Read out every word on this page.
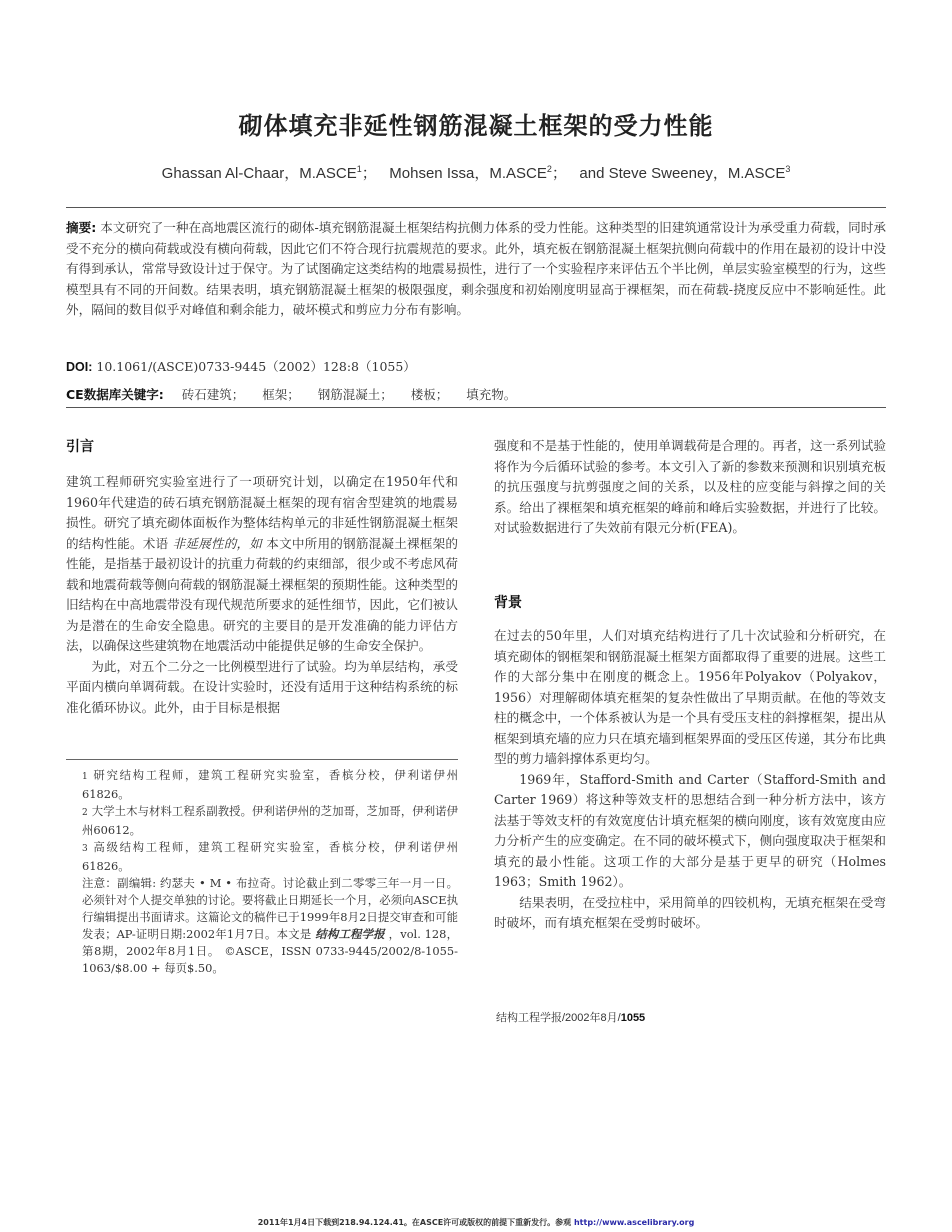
砌体填充非延性钢筋混凝土框架的受力性能
Ghassan Al-Chaar，M.ASCE$^1$； Mohsen Issa，M.ASCE$^2$； and Steve Sweeney，M.ASCE$^3$
摘要: 本文研究了一种在高地震区流行的砌体-填充钢筋混凝土框架结构抗侧力体系的受力性能。这种类型的旧建筑通常设计为承受重力荷载，同时承受不充分的横向荷载或没有横向荷载，因此它们不符合现行抗震规范的要求。此外，填充板在钢筋混凝土框架抗侧向荷载中的作用在最初的设计中没有得到承认，常常导致设计过于保守。为了试图确定这类结构的地震易损性，进行了一个实验程序来评估五个半比例，单层实验室模型的行为，这些模型具有不同的开间数。结果表明，填充钢筋混凝土框架的极限强度，剩余强度和初始刚度明显高于裸框架，而在荷载-挠度反应中不影响延性。此外，隔间的数目似乎对峰值和剩余能力，破坏模式和剪应力分布有影响。
DOI: 10.1061/(ASCE)0733-9445（2002）128:8（1055）
CE数据库关键字: 砖石建筑； 框架； 钢筋混凝土； 楼板； 填充物。
引言

建筑工程师研究实验室进行了一项研究计划，以确定在1950年代和1960年代建造的砖石填充钢筋混凝土框架的现有宿舍型建筑的地震易损性。研究了填充砌体面板作为整体结构单元的非延性钢筋混凝土框架的结构性能。术语 非延展性的，如 本文中所用的钢筋混凝土裸框架的性能，是指基于最初设计的抗重力荷载的约束细部，很少或不考虑风荷载和地震荷载等侧向荷载的钢筋混凝土裸框架的预期性能。这种类型的旧结构在中高地震带没有现代规范所要求的延性细节，因此，它们被认为是潜在的生命安全隐患。研究的主要目的是开发准确的能力评估方法，以确保这些建筑物在地震活动中能提供足够的生命安全保护。

为此，对五个二分之一比例模型进行了试验。均为单层结构，承受平面内横向单调荷载。在设计实验时，还没有适用于这种结构系统的标准化循环协议。此外，由于目标是根据

1 研究结构工程师，建筑工程研究实验室，香槟分校，伊利诺伊州61826。

2 大学土木与材料工程系副教授。伊利诺伊州的芝加哥，芝加哥，伊利诺伊州60612。

3 高级结构工程师，建筑工程研究实验室，香槟分校，伊利诺伊州61826。

注意：副编辑: 约瑟夫 • M • 布拉奇。讨论截止到二零零三年一月一日。必须针对个人提交单独的讨论。要将截止日期延长一个月，必须向ASCE执行编辑提出书面请求。这篇论文的稿件已于1999年8月2日提交审查和可能发表；AP-证明日期:2002年1月7日。本文是 结构工程学报 ，vol. 128，第8期，2002年8月1日。 ©ASCE，ISSN 0733-9445/2002/8-1055-1063/$8.00 + 每页$.50。

强度和不是基于性能的，使用单调载荷是合理的。再者，这一系列试验将作为今后循环试验的参考。本文引入了新的参数来预测和识别填充板的抗压强度与抗剪强度之间的关系，以及柱的应变能与斜撑之间的关系。给出了裸框架和填充框架的峰前和峰后实验数据，并进行了比较。对试验数据进行了失效前有限元分析(FEA)。

背景

在过去的50年里，人们对填充结构进行了几十次试验和分析研究，在填充砌体的钢框架和钢筋混凝土框架方面都取得了重要的进展。这些工作的大部分集中在刚度的概念上。1956年Polyakov（Polyakov，1956）对理解砌体填充框架的复杂性做出了早期贡献。在他的等效支柱的概念中，一个体系被认为是一个具有受压支柱的斜撑框架，提出从框架到填充墙的应力只在填充墙到框架界面的受压区传递，其分布比典型的剪力墙斜撑体系更均匀。

1969年，Stafford-Smith and Carter（Stafford-Smith and Carter 1969）将这种等效支杆的思想结合到一种分析方法中，该方法基于等效支杆的有效宽度估计填充框架的横向刚度，该有效宽度由应力分析产生的应变确定。在不同的破坏模式下，侧向强度取决于框架和填充的最小性能。这项工作的大部分是基于更早的研究（Holmes 1963；Smith 1962）。

结果表明，在受拉柱中，采用简单的四铰机构，无填充框架在受弯时破坏，而有填充框架在受剪时破坏。

结构工程学报/2002年8月/1055
2011年1月4日下载到218.94.124.41。在ASCE许可或版权的前提下重新发行。参观 http://www.ascelibrary.org
